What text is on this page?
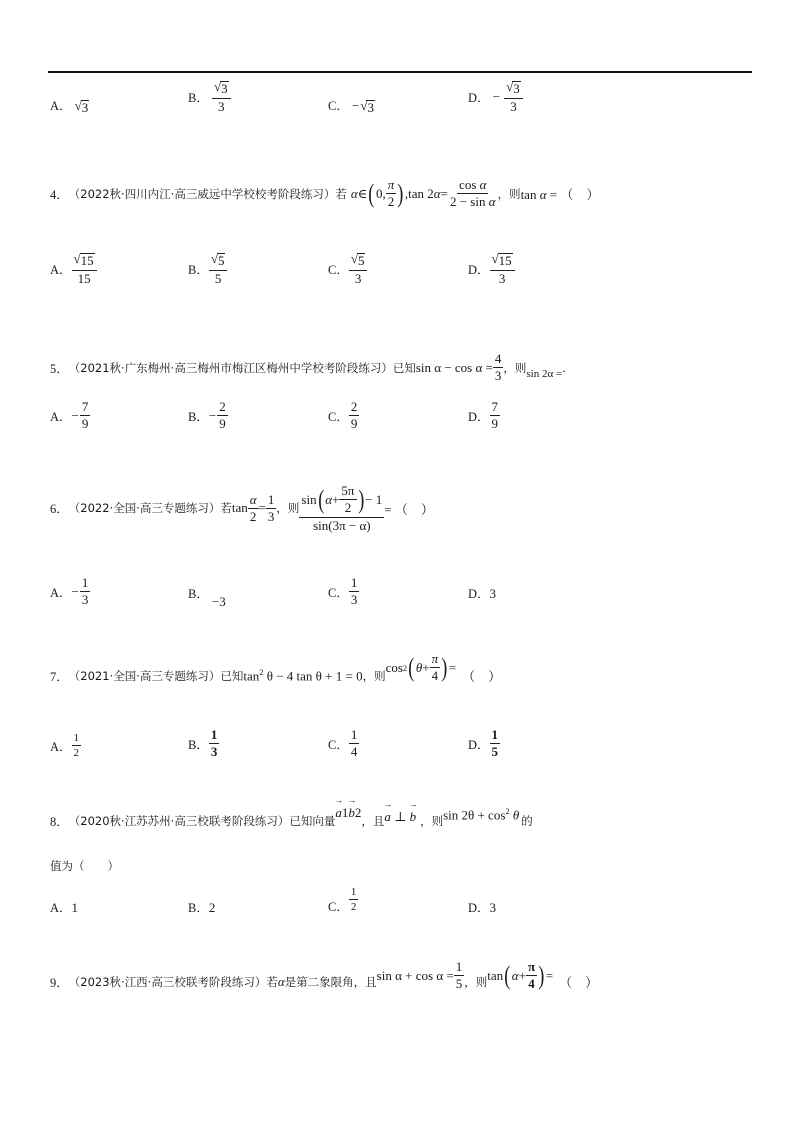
A． √ 3
B． $\frac{√ 3}{3}$	C． − √ 3
D． − $\frac{√ 3}{3}$
4． （2022秋·四川内江·高三威远中学校校考阶段练习）若 α ∈ ( 0, $\frac{\pi}{2}$ ) ,tan 2 $\alpha = \frac{\text{cos α}}{\text{2 − sin α}}$ ，则 tan α = （　）
A． $\frac{√ 15}{15}$	B． $\frac{√ 5}{5}$	C． $\frac{√ 5}{3}$	D． $\frac{√ 15}{3}$
5． （2021秋·广东梅州·高三梅州市梅江区梅州中学校考阶段练习）已知 $\sin \alpha - \cos \alpha = \frac{4}{3}$ ，则 sin 2α = .
A． − $\frac{7}{9}$	B． − $\frac{2}{9}$	C． $\frac{2}{9}$	D． $\frac{7}{9}$
6． （2022·全国·高三专题练习）若 $\tan \frac{\alpha}{2} = \frac{1}{3}$ ，则 $\frac{\sin ( \alpha + \frac{5\pi}{2} ) - 1}{\sin(3\pi - \alpha)}$ = （　）
A． − $\frac{1}{3}$	B． −3
C． $\frac{1}{3}$	D．3
7． （2021·全国·高三专题练习）已知 $\tan^2 \theta - 4$ tan θ + 1 = 0 ，则
cos 2 ( $\theta + \frac{\pi}{4}$ ) =
（　）
A． $\frac{1}{2}$	B． $\frac{1}{3}$	C． $\frac{1}{4}$	D． $\frac{1}{5}$
8． （2020秋·江苏苏州·高三校联考阶段练习）已知向量
→ a1→ b2
，且
→ a ⊥ → b ，则 $\sin 2\theta + \cos^2 \theta$ 的
值为（　　）
A．1	B．2	C． $\frac{1}{2}$	D．3
9． （2023秋·江西·高三校联考阶段练习）若 α 是第二象限角，且 $\sin \alpha + \cos \alpha = \frac{1}{5}$ ，则 tan ( $\alpha + \frac{\pi}{4}$ ) = （　）
